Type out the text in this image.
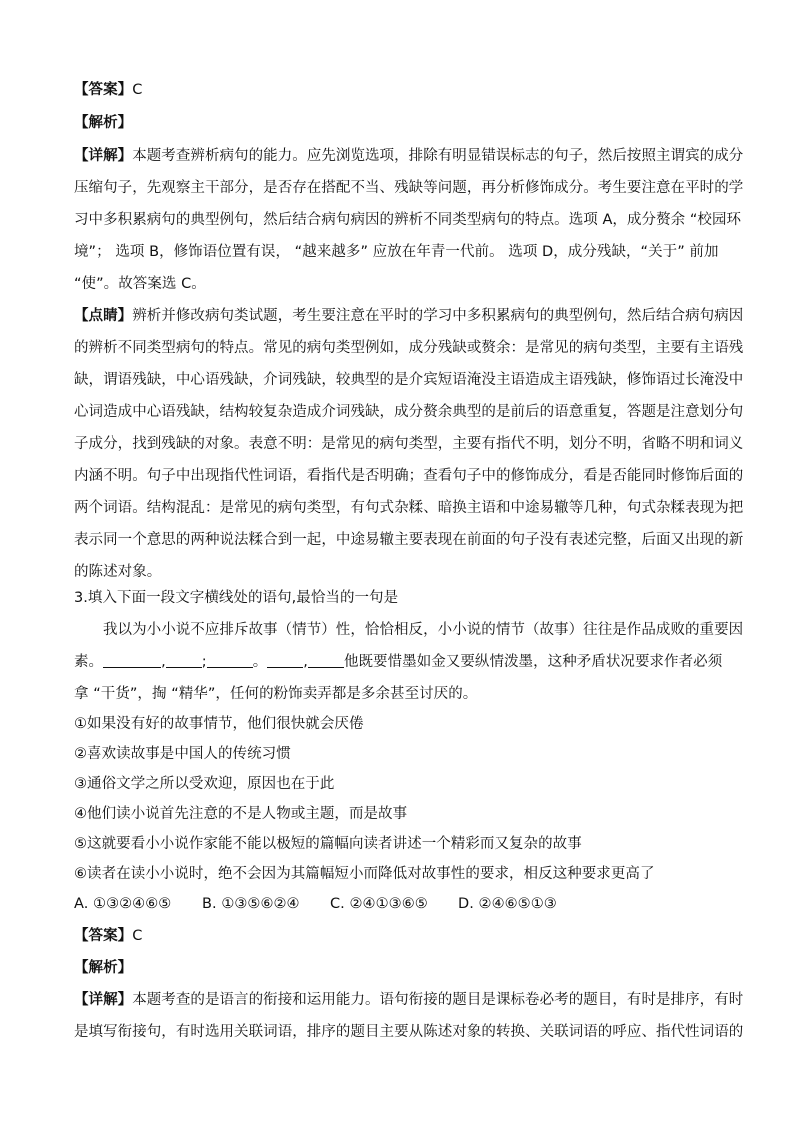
【答案】C
【解析】
【详解】本题考查辨析病句的能力。应先浏览选项，排除有明显错误标志的句子，然后按照主谓宾的成分
压缩句子，先观察主干部分，是否存在搭配不当、残缺等问题，再分析修饰成分。考生要注意在平时的学
习中多积累病句的典型例句，然后结合病句病因的辨析不同类型病句的特点。选项 A，成分赘余 “校园环
境”； 选项 B，修饰语位置有误， “越来越多” 应放在年青一代前。 选项 D，成分残缺，“关于” 前加
“使”。故答案选 C。
【点睛】辨析并修改病句类试题，考生要注意在平时的学习中多积累病句的典型例句，然后结合病句病因
的辨析不同类型病句的特点。常见的病句类型例如，成分残缺或赘余：是常见的病句类型，主要有主语残
缺，谓语残缺，中心语残缺，介词残缺，较典型的是介宾短语淹没主语造成主语残缺，修饰语过长淹没中
心词造成中心语残缺，结构较复杂造成介词残缺，成分赘余典型的是前后的语意重复，答题是注意划分句
子成分，找到残缺的对象。表意不明：是常见的病句类型，主要有指代不明，划分不明，省略不明和词义
内涵不明。句子中出现指代性词语，看指代是否明确；查看句子中的修饰成分，看是否能同时修饰后面的
两个词语。结构混乱：是常见的病句类型，有句式杂糅、暗换主语和中途易辙等几种，句式杂糅表现为把
表示同一个意思的两种说法糅合到一起，中途易辙主要表现在前面的句子没有表述完整，后面又出现的新
的陈述对象。
3.填入下面一段文字横线处的语句,最恰当的一句是
我以为小小说不应排斥故事（情节）性，恰恰相反，小小说的情节（故事）往往是作品成败的重要因
素。	, ;	。 , 他既要惜墨如金又要纵情泼墨，这种矛盾状况要求作者必须
拿 “干货”，掏 “精华”，任何的粉饰卖弄都是多余甚至讨厌的。
①如果没有好的故事情节，他们很快就会厌倦
②喜欢读故事是中国人的传统习惯
③通俗文学之所以受欢迎，原因也在于此
④他们读小说首先注意的不是人物或主题，而是故事
⑤这就要看小小说作家能不能以极短的篇幅向读者讲述一个精彩而又复杂的故事
⑥读者在读小小说时，绝不会因为其篇幅短小而降低对故事性的要求，相反这种要求更高了
A. ①③②④⑥⑤ B. ①③⑤⑥②④ C. ②④①③⑥⑤ D. ②④⑥⑤①③
【答案】C
【解析】
【详解】本题考查的是语言的衔接和运用能力。语句衔接的题目是课标卷必考的题目，有时是排序，有时
是填写衔接句，有时选用关联词语，排序的题目主要从陈述对象的转换、关联词语的呼应、指代性词语的
